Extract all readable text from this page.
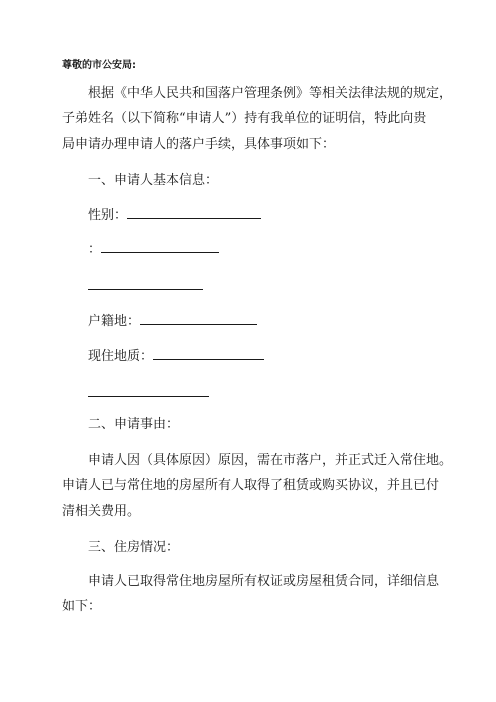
尊敬的市公安局:
根据《中华人民共和国落户管理条例》等相关法律法规的规定，
子弟姓名（以下简称“申请人”）持有我单位的证明信，特此向贵
局申请办理申请人的落户手续，具体事项如下：
一、申请人基本信息：
性别：
：
户籍地：
现住地质：
二、申请事由：
申请人因（具体原因）原因，需在市落户，并正式迁入常住地。
申请人已与常住地的房屋所有人取得了租赁或购买协议，并且已付
清相关费用。
三、住房情况：
申请人已取得常住地房屋所有权证或房屋租赁合同，详细信息
如下：
